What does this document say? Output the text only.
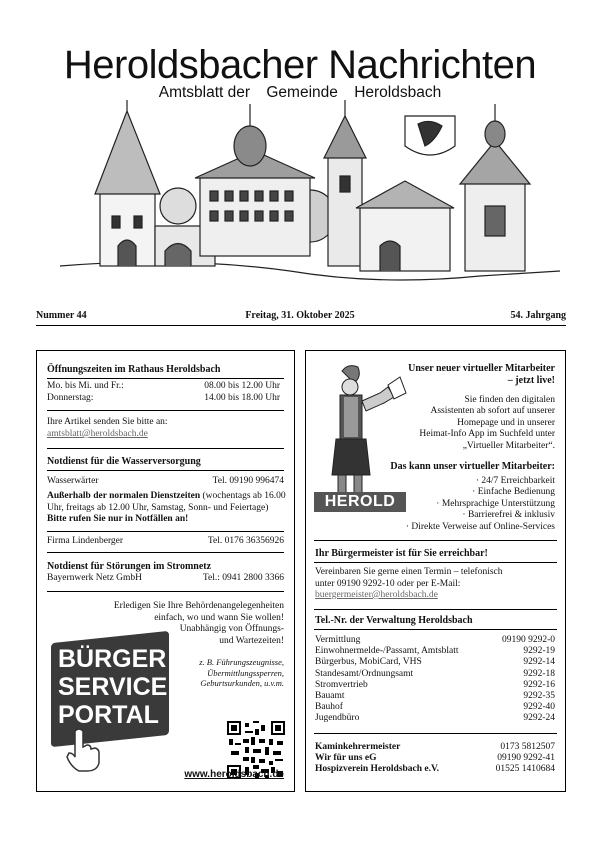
Heroldsbacher Nachrichten
Amtsblatt der Gemeinde Heroldsbach
Nummer 44	Freitag, 31. Oktober 2025	54. Jahrgang
Öffnungszeiten im Rathaus Heroldsbach
Mo. bis Mi. und Fr.:	08.00 bis 12.00 Uhr
Donnerstag:	14.00 bis 18.00 Uhr
Ihre Artikel senden Sie bitte an:
amtsblatt@heroldsbach.de
Notdienst für die Wasserversorgung
Wasserwärter	Tel. 09190 996474
Außerhalb der normalen Dienstzeiten (wochentags ab 16.00 Uhr, freitags ab 12.00 Uhr, Samstag, Sonn- und Feiertage) Bitte rufen Sie nur in Notfällen an!
Firma Lindenberger	Tel. 0176 36356926
Notdienst für Störungen im Stromnetz
Bayernwerk Netz GmbH	Tel.: 0941 2800 3366
Erledigen Sie Ihre Behördenangelegenheiten
einfach, wo und wann Sie wollen!
Unabhängig von Öffnungs-
und Wartezeiten!
z. B. Führungszeugnisse,
Übermittlungssperren,
Geburtsurkunden, u.v.m.
BÜRGER
SERVICE
PORTAL
www.heroldsbach.de
Unser neuer virtueller Mitarbeiter
– jetzt live!
Sie finden den digitalen
Assistenten ab sofort auf unserer
Homepage und in unserer
Heimat-Info App im Suchfeld unter
„Virtueller Mitarbeiter“.
HEROLD
Das kann unser virtueller Mitarbeiter:
· 24/7 Erreichbarkeit
· Einfache Bedienung
· Mehrsprachige Unterstützung
· Barrierefrei & inklusiv
· Direkte Verweise auf Online-Services
Ihr Bürgermeister ist für Sie erreichbar!
Vereinbaren Sie gerne einen Termin – telefonisch
unter 09190 9292-10 oder per E-Mail:
buergermeister@heroldsbach.de
Tel.-Nr. der Verwaltung Heroldsbach
Vermittlung	09190 9292-0
Einwohnermelde-/Passamt, Amtsblatt	9292-19
Bürgerbus, MobiCard, VHS	9292-14
Standesamt/Ordnungsamt	9292-18
Stromvertrieb	9292-16
Bauamt	9292-35
Bauhof	9292-40
Jugendbüro	9292-24
Kaminkehrermeister	0173 5812507
Wir für uns eG	09190 9292-41
Hospizverein Heroldsbach e.V.	01525 1410684
